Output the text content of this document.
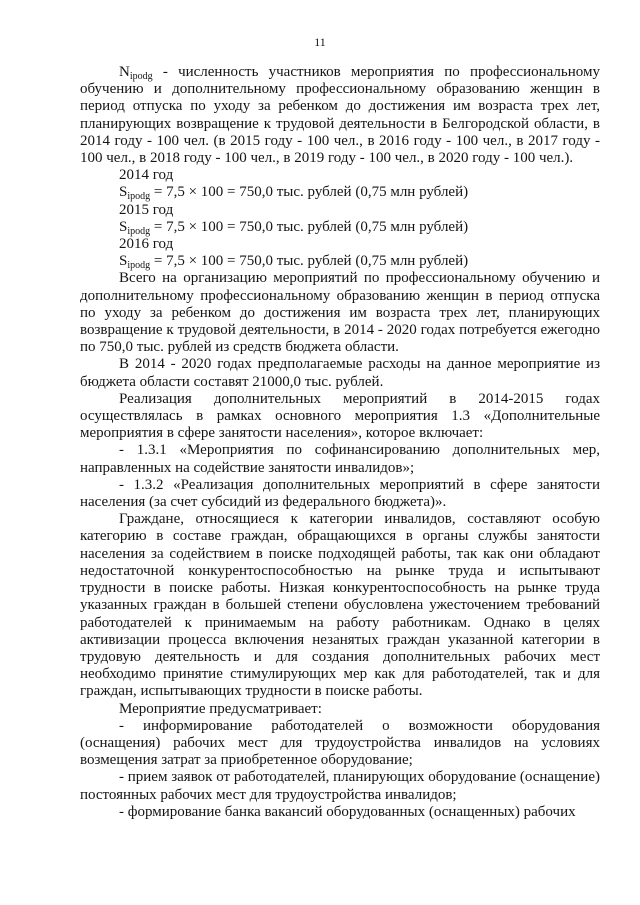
11

$N_{ipodg}$ - численность участников мероприятия по профессиональному обучению и дополнительному профессиональному образованию женщин в период отпуска по уходу за ребенком до достижения им возраста трех лет, планирующих возвращение к трудовой деятельности в Белгородской области, в 2014 году - 100 чел. (в 2015 году - 100 чел., в 2016 году - 100 чел., в 2017 году - 100 чел., в 2018 году - 100 чел., в 2019 году - 100 чел., в 2020 году - 100 чел.).

2014 год

$S_{ipodg} = 7,5 \times 100 = 750,0$ тыс. рублей (0,75 млн рублей)

2015 год

$S_{ipodg} = 7,5 \times 100 = 750,0$ тыс. рублей (0,75 млн рублей)

2016 год

$S_{ipodg} = 7,5 \times 100 = 750,0$ тыс. рублей (0,75 млн рублей)

Всего на организацию мероприятий по профессиональному обучению и дополнительному профессиональному образованию женщин в период отпуска по уходу за ребенком до достижения им возраста трех лет, планирующих возвращение к трудовой деятельности, в 2014 - 2020 годах потребуется ежегодно по 750,0 тыс. рублей из средств бюджета области.

В 2014 - 2020 годах предполагаемые расходы на данное мероприятие из бюджета области составят 21000,0 тыс. рублей.

Реализация дополнительных мероприятий в 2014-2015 годах осуществлялась в рамках основного мероприятия 1.3 «Дополнительные мероприятия в сфере занятости населения», которое включает:

- 1.3.1 «Мероприятия по софинансированию дополнительных мер, направленных на содействие занятости инвалидов»;

- 1.3.2 «Реализация дополнительных мероприятий в сфере занятости населения (за счет субсидий из федерального бюджета)».

Граждане, относящиеся к категории инвалидов, составляют особую категорию в составе граждан, обращающихся в органы службы занятости населения за содействием в поиске подходящей работы, так как они обладают недостаточной конкурентоспособностью на рынке труда и испытывают трудности в поиске работы. Низкая конкурентоспособность на рынке труда указанных граждан в большей степени обусловлена ужесточением требований работодателей к принимаемым на работу работникам. Однако в целях активизации процесса включения незанятых граждан указанной категории в трудовую деятельность и для создания дополнительных рабочих мест необходимо принятие стимулирующих мер как для работодателей, так и для граждан, испытывающих трудности в поиске работы.

Мероприятие предусматривает:

- информирование работодателей о возможности оборудования (оснащения) рабочих мест для трудоустройства инвалидов на условиях возмещения затрат за приобретенное оборудование;

- прием заявок от работодателей, планирующих оборудование (оснащение) постоянных рабочих мест для трудоустройства инвалидов;

- формирование банка вакансий оборудованных (оснащенных) рабочих
